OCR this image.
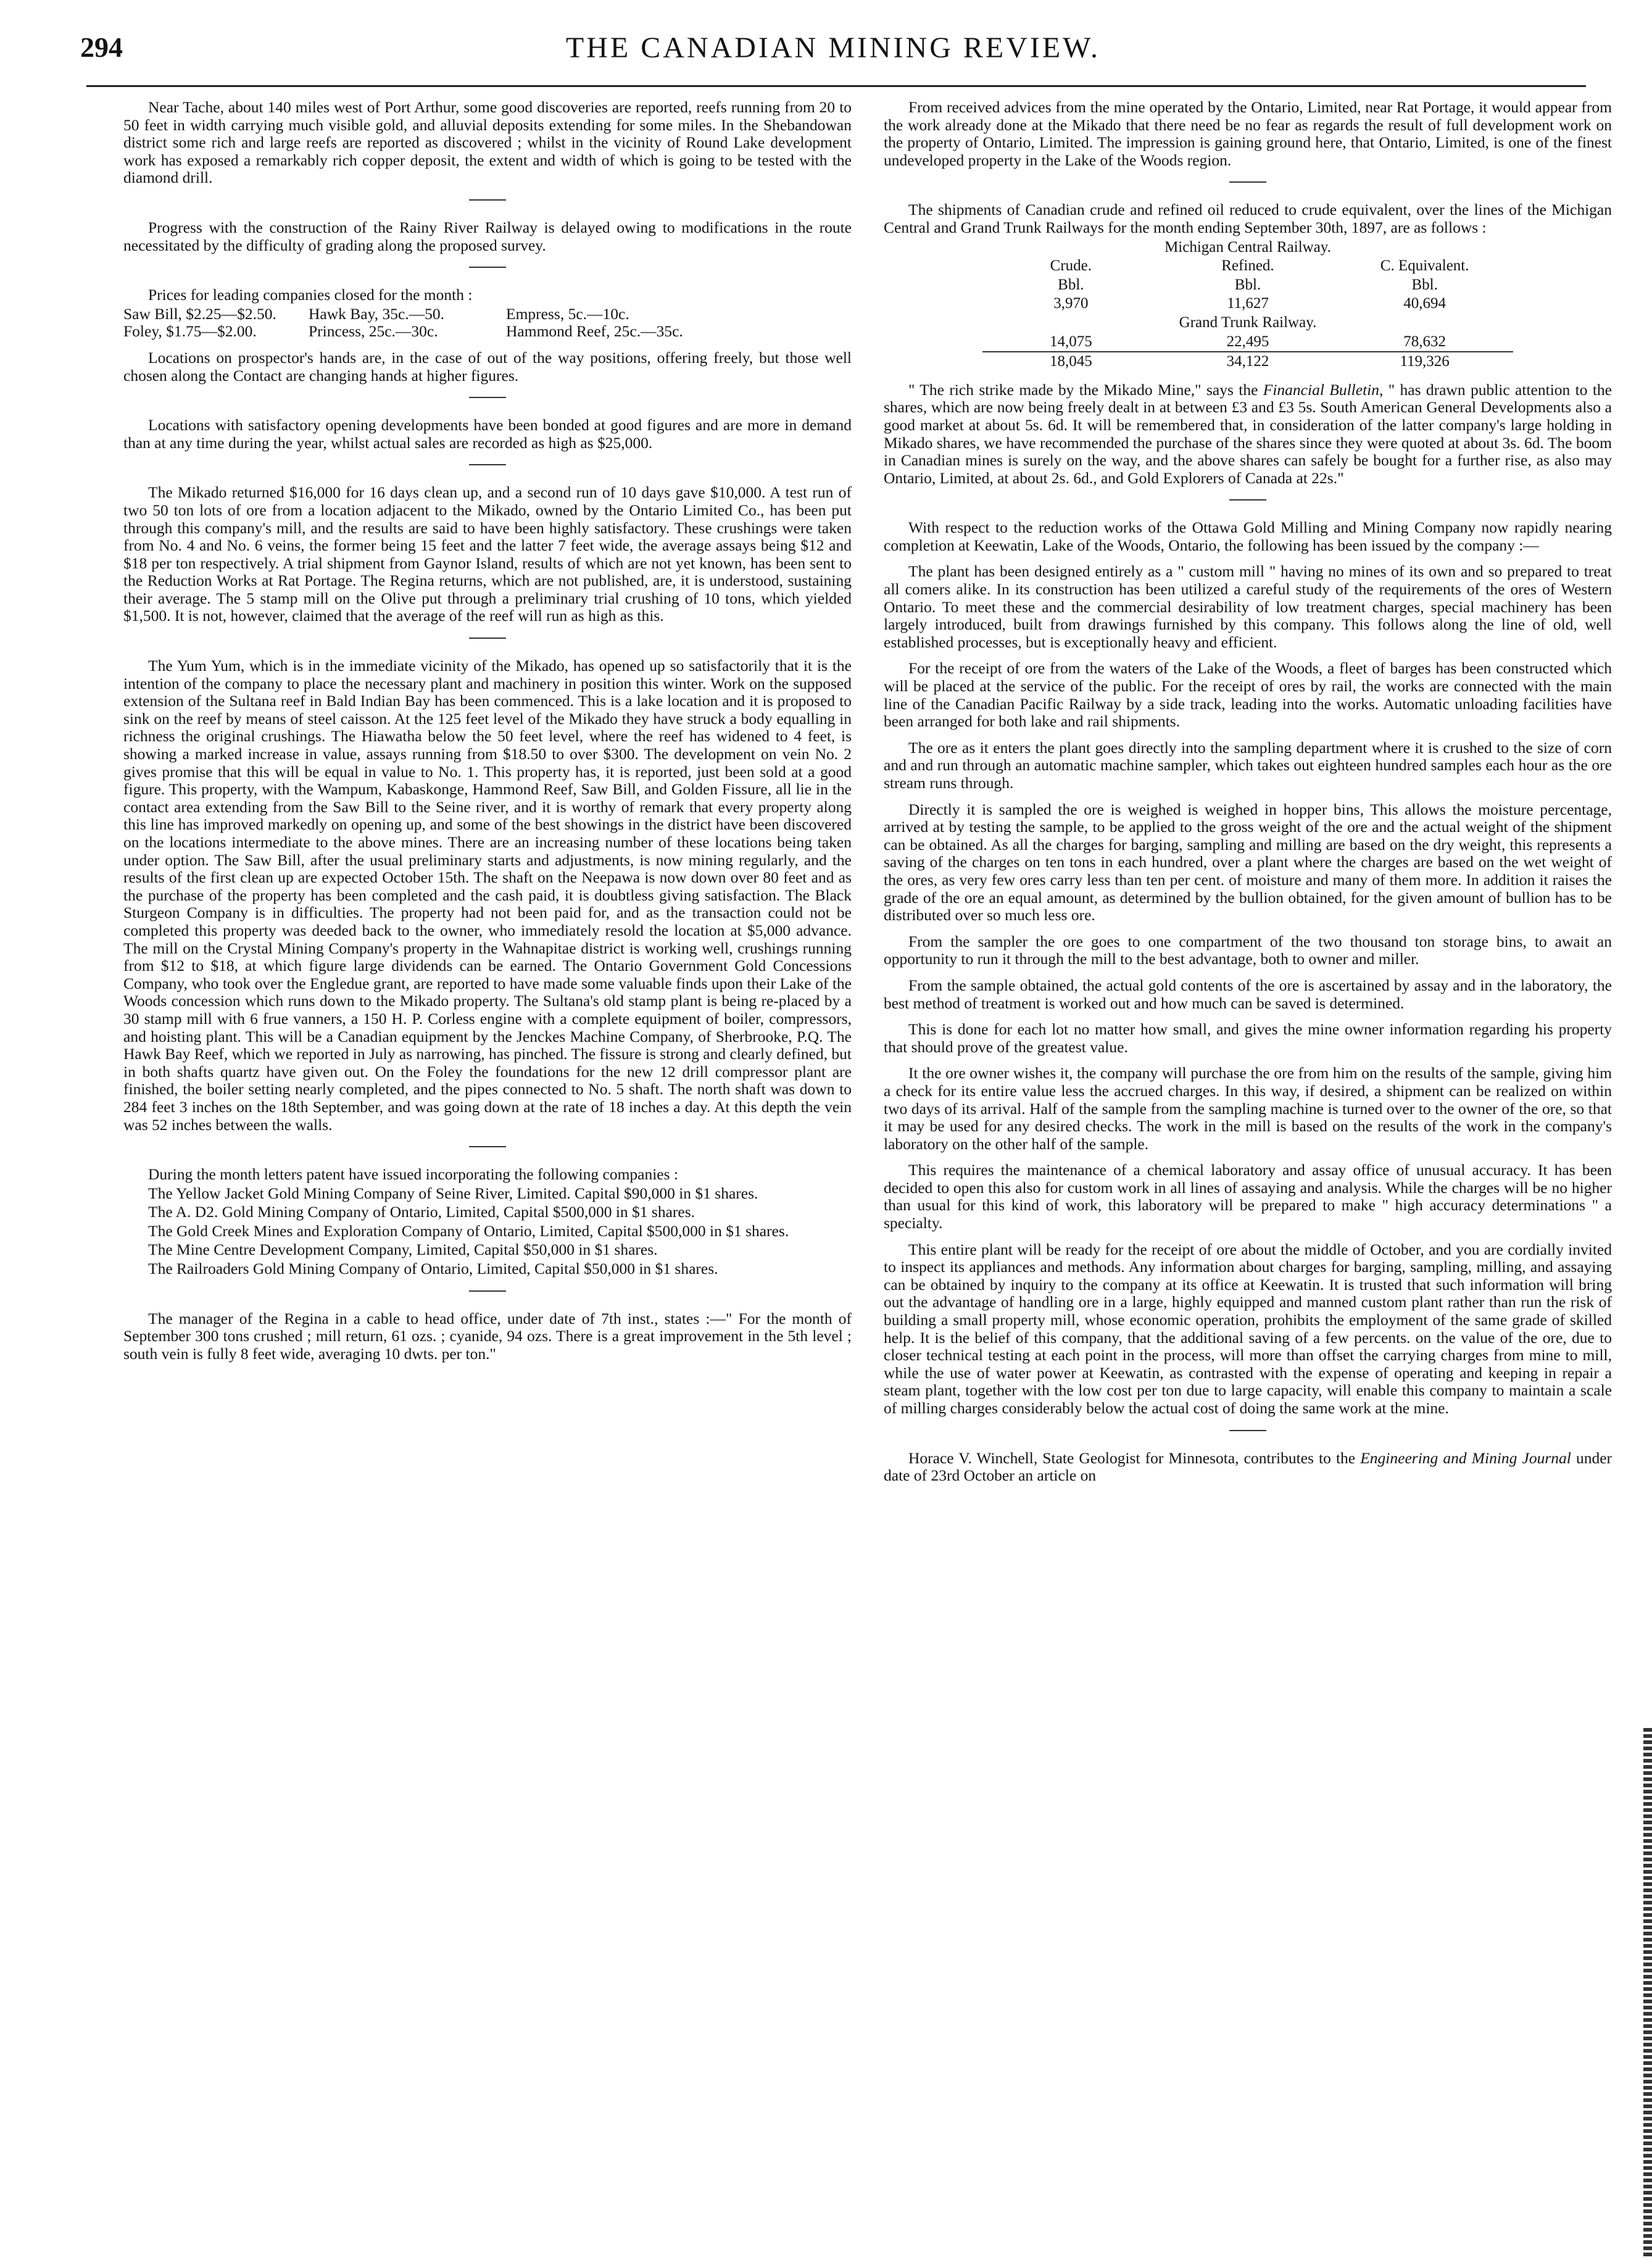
294	THE CANADIAN MINING REVIEW.

Near Tache, about 140 miles west of Port Arthur, some good discoveries are reported, reefs running from 20 to 50 feet in width carrying much visible gold, and alluvial deposits extending for some miles. In the Shebandowan district some rich and large reefs are reported as discovered ; whilst in the vicinity of Round Lake development work has exposed a remarkably rich copper deposit, the extent and width of which is going to be tested with the diamond drill.

Progress with the construction of the Rainy River Railway is delayed owing to modifications in the route necessitated by the difficulty of grading along the proposed survey.

Prices for leading companies closed for the month :

Saw Bill, $2.25—$2.50.	Hawk Bay, 35c.—50.	Empress, 5c.—10c.
Foley, $1.75—$2.00.	Princess, 25c.—30c.	Hammond Reef, 25c.—35c.

Locations on prospector's hands are, in the case of out of the way positions, offering freely, but those well chosen along the Contact are changing hands at higher figures.

Locations with satisfactory opening developments have been bonded at good figures and are more in demand than at any time during the year, whilst actual sales are recorded as high as $25,000.

The Mikado returned $16,000 for 16 days clean up, and a second run of 10 days gave $10,000. A test run of two 50 ton lots of ore from a location adjacent to the Mikado, owned by the Ontario Limited Co., has been put through this company's mill, and the results are said to have been highly satisfactory. These crushings were taken from No. 4 and No. 6 veins, the former being 15 feet and the latter 7 feet wide, the average assays being $12 and $18 per ton respectively. A trial shipment from Gaynor Island, results of which are not yet known, has been sent to the Reduction Works at Rat Portage. The Regina returns, which are not published, are, it is understood, sustaining their average. The 5 stamp mill on the Olive put through a preliminary trial crushing of 10 tons, which yielded $1,500. It is not, however, claimed that the average of the reef will run as high as this.

The Yum Yum, which is in the immediate vicinity of the Mikado, has opened up so satisfactorily that it is the intention of the company to place the necessary plant and machinery in position this winter. Work on the supposed extension of the Sultana reef in Bald Indian Bay has been commenced. This is a lake location and it is proposed to sink on the reef by means of steel caisson. At the 125 feet level of the Mikado they have struck a body equalling in richness the original crushings. The Hiawatha below the 50 feet level, where the reef has widened to 4 feet, is showing a marked increase in value, assays running from $18.50 to over $300. The development on vein No. 2 gives promise that this will be equal in value to No. 1. This property has, it is reported, just been sold at a good figure. This property, with the Wampum, Kabaskonge, Hammond Reef, Saw Bill, and Golden Fissure, all lie in the contact area extending from the Saw Bill to the Seine river, and it is worthy of remark that every property along this line has improved markedly on opening up, and some of the best showings in the district have been discovered on the locations intermediate to the above mines. There are an increasing number of these locations being taken under option. The Saw Bill, after the usual preliminary starts and adjustments, is now mining regularly, and the results of the first clean up are expected October 15th. The shaft on the Neepawa is now down over 80 feet and as the purchase of the property has been completed and the cash paid, it is doubtless giving satisfaction. The Black Sturgeon Company is in difficulties. The property had not been paid for, and as the transaction could not be completed this property was deeded back to the owner, who immediately resold the location at $5,000 advance. The mill on the Crystal Mining Company's property in the Wahnapitae district is working well, crushings running from $12 to $18, at which figure large dividends can be earned. The Ontario Government Gold Concessions Company, who took over the Engledue grant, are reported to have made some valuable finds upon their Lake of the Woods concession which runs down to the Mikado property. The Sultana's old stamp plant is being re-placed by a 30 stamp mill with 6 frue vanners, a 150 H. P. Corless engine with a complete equipment of boiler, compressors, and hoisting plant. This will be a Canadian equipment by the Jenckes Machine Company, of Sherbrooke, P.Q. The Hawk Bay Reef, which we reported in July as narrowing, has pinched. The fissure is strong and clearly defined, but in both shafts quartz have given out. On the Foley the foundations for the new 12 drill compressor plant are finished, the boiler setting nearly completed, and the pipes connected to No. 5 shaft. The north shaft was down to 284 feet 3 inches on the 18th September, and was going down at the rate of 18 inches a day. At this depth the vein was 52 inches between the walls.

During the month letters patent have issued incorporating the following companies :

The Yellow Jacket Gold Mining Company of Seine River, Limited. Capital $90,000 in $1 shares.

The A. D2. Gold Mining Company of Ontario, Limited, Capital $500,000 in $1 shares.

The Gold Creek Mines and Exploration Company of Ontario, Limited, Capital $500,000 in $1 shares.

The Mine Centre Development Company, Limited, Capital $50,000 in $1 shares.

The Railroaders Gold Mining Company of Ontario, Limited, Capital $50,000 in $1 shares.

The manager of the Regina in a cable to head office, under date of 7th inst., states :—" For the month of September 300 tons crushed ; mill return, 61 ozs. ; cyanide, 94 ozs. There is a great improvement in the 5th level ; south vein is fully 8 feet wide, averaging 10 dwts. per ton."

From received advices from the mine operated by the Ontario, Limited, near Rat Portage, it would appear from the work already done at the Mikado that there need be no fear as regards the result of full development work on the property of Ontario, Limited. The impression is gaining ground here, that Ontario, Limited, is one of the finest undeveloped property in the Lake of the Woods region.

The shipments of Canadian crude and refined oil reduced to crude equivalent, over the lines of the Michigan Central and Grand Trunk Railways for the month ending September 30th, 1897, are as follows :

Michigan Central Railway.		
Crude.	Refined.	C. Equivalent.
Bbl.	Bbl.	Bbl.
3,970	11,627	40,694
Grand Trunk Railway.		
14,075	22,495	78,632
18,045	34,122	119,326

" The rich strike made by the Mikado Mine," says the Financial Bulletin, " has drawn public attention to the shares, which are now being freely dealt in at between £3 and £3 5s. South American General Developments also a good market at about 5s. 6d. It will be remembered that, in consideration of the latter company's large holding in Mikado shares, we have recommended the purchase of the shares since they were quoted at about 3s. 6d. The boom in Canadian mines is surely on the way, and the above shares can safely be bought for a further rise, as also may Ontario, Limited, at about 2s. 6d., and Gold Explorers of Canada at 22s."

With respect to the reduction works of the Ottawa Gold Milling and Mining Company now rapidly nearing completion at Keewatin, Lake of the Woods, Ontario, the following has been issued by the company :—

The plant has been designed entirely as a " custom mill " having no mines of its own and so prepared to treat all comers alike. In its construction has been utilized a careful study of the requirements of the ores of Western Ontario. To meet these and the commercial desirability of low treatment charges, special machinery has been largely introduced, built from drawings furnished by this company. This follows along the line of old, well established processes, but is exceptionally heavy and efficient.

For the receipt of ore from the waters of the Lake of the Woods, a fleet of barges has been constructed which will be placed at the service of the public. For the receipt of ores by rail, the works are connected with the main line of the Canadian Pacific Railway by a side track, leading into the works. Automatic unloading facilities have been arranged for both lake and rail shipments.

The ore as it enters the plant goes directly into the sampling department where it is crushed to the size of corn and and run through an automatic machine sampler, which takes out eighteen hundred samples each hour as the ore stream runs through.

Directly it is sampled the ore is weighed is weighed in hopper bins, This allows the moisture percentage, arrived at by testing the sample, to be applied to the gross weight of the ore and the actual weight of the shipment can be obtained. As all the charges for barging, sampling and milling are based on the dry weight, this represents a saving of the charges on ten tons in each hundred, over a plant where the charges are based on the wet weight of the ores, as very few ores carry less than ten per cent. of moisture and many of them more. In addition it raises the grade of the ore an equal amount, as determined by the bullion obtained, for the given amount of bullion has to be distributed over so much less ore.

From the sampler the ore goes to one compartment of the two thousand ton storage bins, to await an opportunity to run it through the mill to the best advantage, both to owner and miller.

From the sample obtained, the actual gold contents of the ore is ascertained by assay and in the laboratory, the best method of treatment is worked out and how much can be saved is determined.

This is done for each lot no matter how small, and gives the mine owner information regarding his property that should prove of the greatest value.

It the ore owner wishes it, the company will purchase the ore from him on the results of the sample, giving him a check for its entire value less the accrued charges. In this way, if desired, a shipment can be realized on within two days of its arrival. Half of the sample from the sampling machine is turned over to the owner of the ore, so that it may be used for any desired checks. The work in the mill is based on the results of the work in the company's laboratory on the other half of the sample.

This requires the maintenance of a chemical laboratory and assay office of unusual accuracy. It has been decided to open this also for custom work in all lines of assaying and analysis. While the charges will be no higher than usual for this kind of work, this laboratory will be prepared to make " high accuracy determinations " a specialty.

This entire plant will be ready for the receipt of ore about the middle of October, and you are cordially invited to inspect its appliances and methods. Any information about charges for barging, sampling, milling, and assaying can be obtained by inquiry to the company at its office at Keewatin. It is trusted that such information will bring out the advantage of handling ore in a large, highly equipped and manned custom plant rather than run the risk of building a small property mill, whose economic operation, prohibits the employment of the same grade of skilled help. It is the belief of this company, that the additional saving of a few percents. on the value of the ore, due to closer technical testing at each point in the process, will more than offset the carrying charges from mine to mill, while the use of water power at Keewatin, as contrasted with the expense of operating and keeping in repair a steam plant, together with the low cost per ton due to large capacity, will enable this company to maintain a scale of milling charges considerably below the actual cost of doing the same work at the mine.

Horace V. Winchell, State Geologist for Minnesota, contributes to the Engineering and Mining Journal under date of 23rd October an article on
